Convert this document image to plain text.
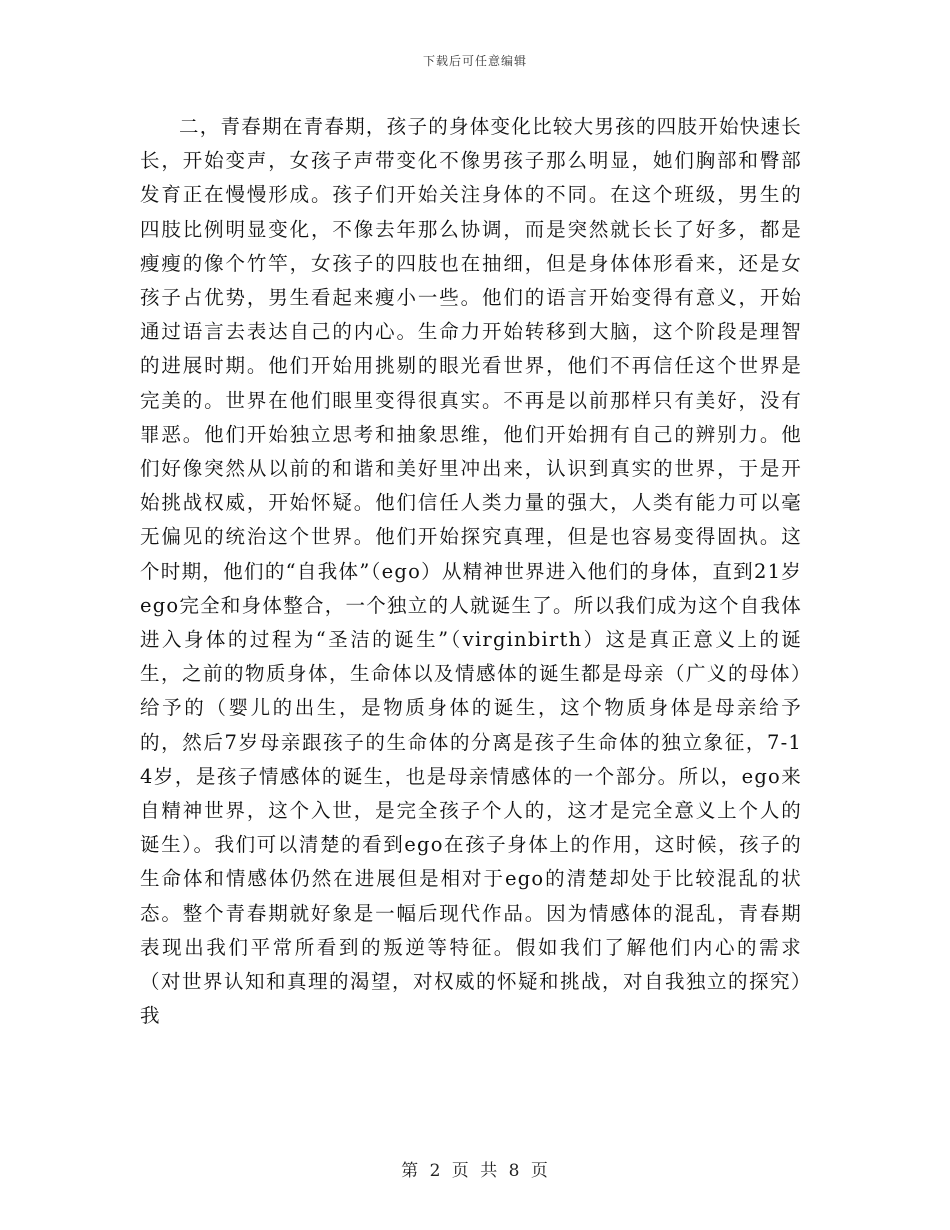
下载后可任意编辑
二，青春期在青春期，孩子的身体变化比较大男孩的四肢开始快速长长，开始变声，女孩子声带变化不像男孩子那么明显，她们胸部和臀部发育正在慢慢形成。孩子们开始关注身体的不同。在这个班级，男生的四肢比例明显变化，不像去年那么协调，而是突然就长长了好多，都是瘦瘦的像个竹竿，女孩子的四肢也在抽细，但是身体体形看来，还是女孩子占优势，男生看起来瘦小一些。他们的语言开始变得有意义，开始通过语言去表达自己的内心。生命力开始转移到大脑，这个阶段是理智的进展时期。他们开始用挑剔的眼光看世界，他们不再信任这个世界是完美的。世界在他们眼里变得很真实。不再是以前那样只有美好，没有罪恶。他们开始独立思考和抽象思维，他们开始拥有自己的辨别力。他们好像突然从以前的和谐和美好里冲出来，认识到真实的世界，于是开始挑战权威，开始怀疑。他们信任人类力量的强大，人类有能力可以毫无偏见的统治这个世界。他们开始探究真理，但是也容易变得固执。这个时期，他们的“自我体”（ego）从精神世界进入他们的身体，直到21岁ego完全和身体整合，一个独立的人就诞生了。所以我们成为这个自我体进入身体的过程为“圣洁的诞生”（virginbirth）这是真正意义上的诞生，之前的物质身体，生命体以及情感体的诞生都是母亲（广义的母体）给予的（婴儿的出生，是物质身体的诞生，这个物质身体是母亲给予的，然后7岁母亲跟孩子的生命体的分离是孩子生命体的独立象征，7-14岁，是孩子情感体的诞生，也是母亲情感体的一个部分。所以，ego来自精神世界，这个入世，是完全孩子个人的，这才是完全意义上个人的诞生）。我们可以清楚的看到ego在孩子身体上的作用，这时候，孩子的生命体和情感体仍然在进展但是相对于ego的清楚却处于比较混乱的状态。整个青春期就好象是一幅后现代作品。因为情感体的混乱，青春期表现出我们平常所看到的叛逆等特征。假如我们了解他们内心的需求（对世界认知和真理的渴望，对权威的怀疑和挑战，对自我独立的探究）我
第 2 页 共 8 页
